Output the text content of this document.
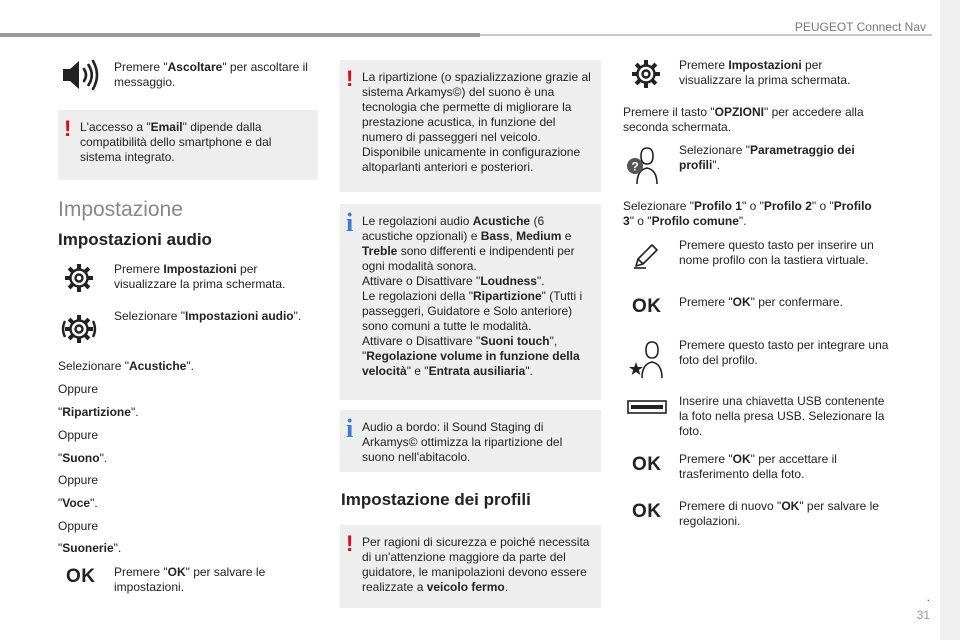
PEUGEOT Connect Nav
.
31
Premere "Ascoltare" per ascoltare il messaggio.
! L'accesso a "Email" dipende dalla compatibilità dello smartphone e dal sistema integrato.
Impostazione
Impostazioni audio
Premere Impostazioni per visualizzare la prima schermata.
Selezionare "Impostazioni audio".
Selezionare "Acustiche".
Oppure
"Ripartizione".
Oppure
"Suono".
Oppure
"Voce".
Oppure
"Suonerie".
OK Premere "OK" per salvare le impostazioni.
! La ripartizione (o spazializzazione grazie al sistema Arkamys©) del suono è una tecnologia che permette di migliorare la prestazione acustica, in funzione del numero di passeggeri nel veicolo. Disponibile unicamente in configurazione altoparlanti anteriori e posteriori.
i Le regolazioni audio Acustiche (6 acustiche opzionali) e Bass, Medium e Treble sono differenti e indipendenti per ogni modalità sonora.
Attivare o Disattivare "Loudness".
Le regolazioni della "Ripartizione" (Tutti i passeggeri, Guidatore e Solo anteriore) sono comuni a tutte le modalità.
Attivare o Disattivare "Suoni touch", "Regolazione volume in funzione della velocità" e "Entrata ausiliaria".
i Audio a bordo: il Sound Staging di Arkamys© ottimizza la ripartizione del suono nell'abitacolo.
Impostazione dei profili
! Per ragioni di sicurezza e poiché necessita di un'attenzione maggiore da parte del guidatore, le manipolazioni devono essere realizzate a veicolo fermo.
Premere Impostazioni per visualizzare la prima schermata.
Premere il tasto "OPZIONI" per accedere alla seconda schermata.
?
Selezionare "Parametraggio dei profili".
Selezionare "Profilo 1" o "Profilo 2" o "Profilo 3" o "Profilo comune".
Premere questo tasto per inserire un nome profilo con la tastiera virtuale.
OK Premere "OK" per confermare.
Premere questo tasto per integrare una foto del profilo.
Inserire una chiavetta USB contenente la foto nella presa USB. Selezionare la foto.
OK Premere "OK" per accettare il trasferimento della foto.
OK Premere di nuovo "OK" per salvare le regolazioni.
